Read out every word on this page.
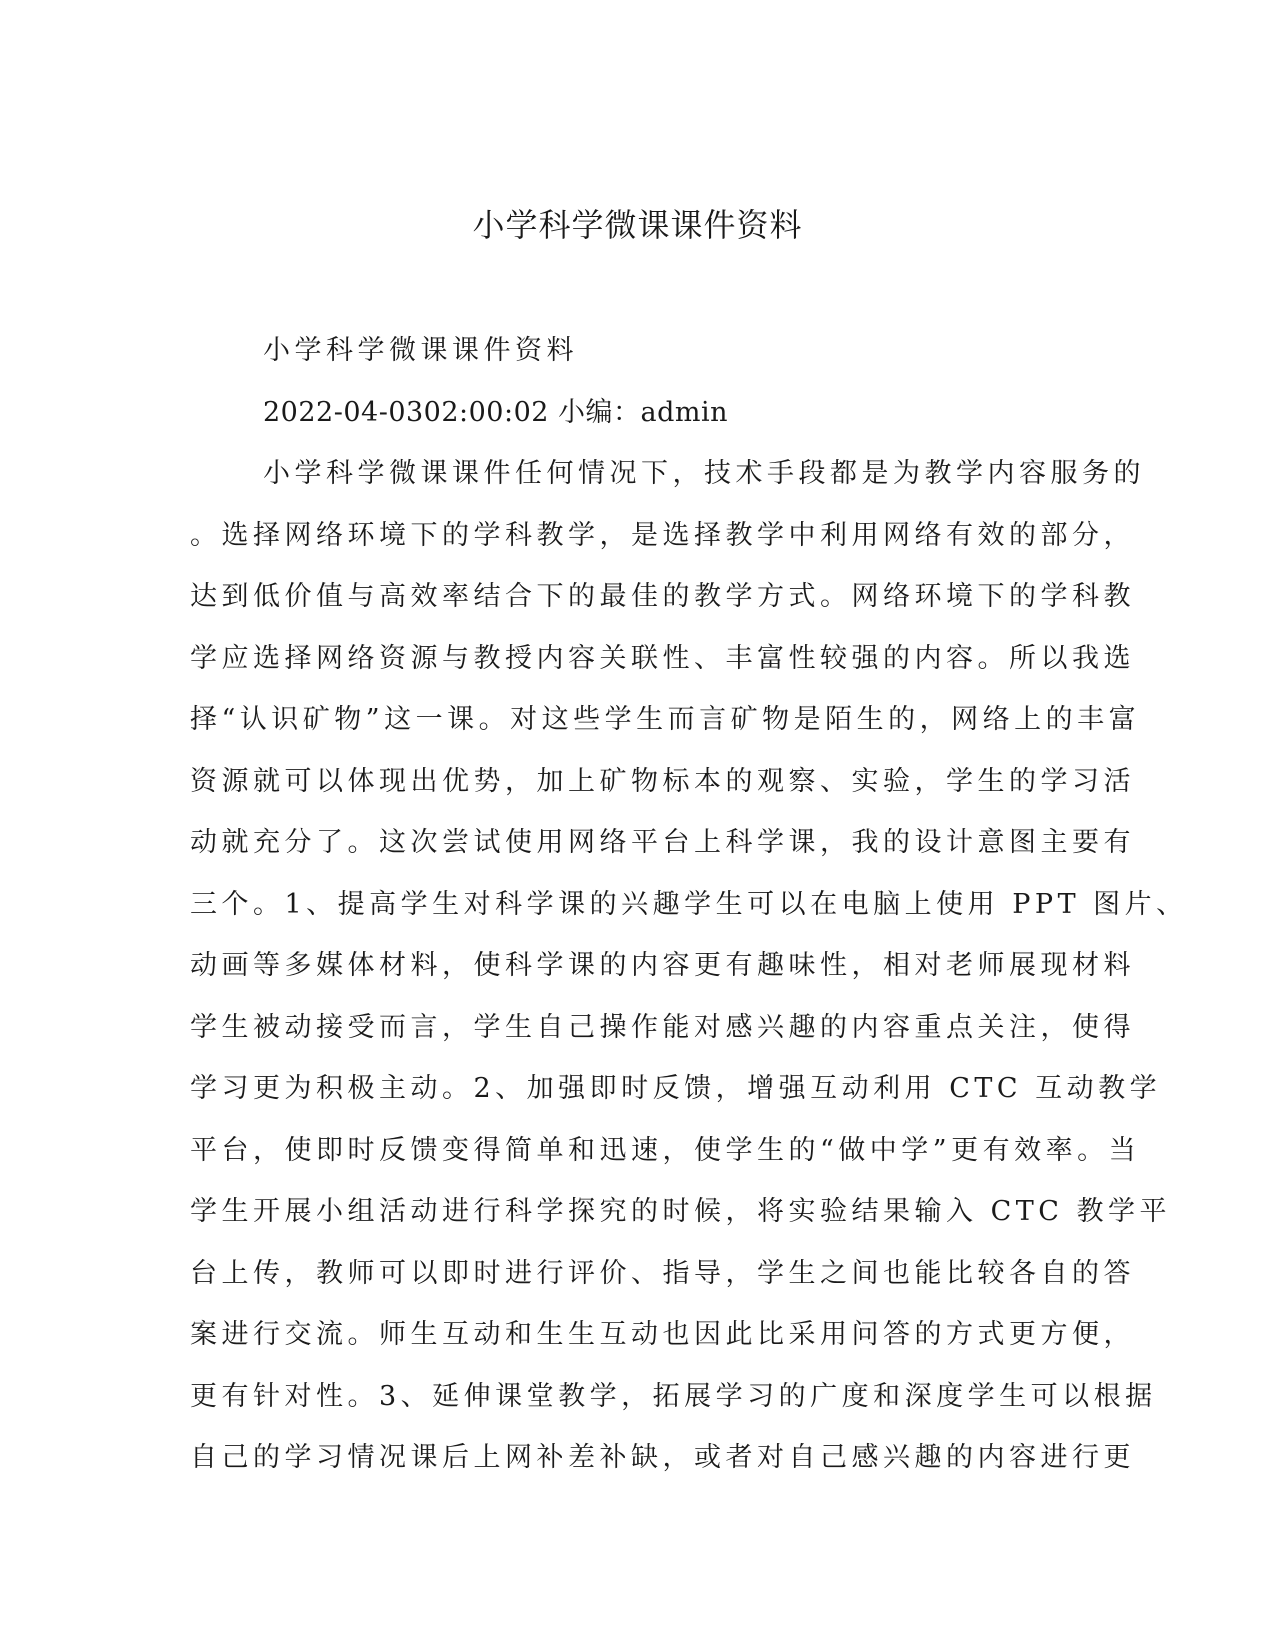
小学科学微课课件资料

小学科学微课课件资料

2022-04-0302:00:02 小编：admin

小学科学微课课件任何情况下，技术手段都是为教学内容服务的

。选择网络环境下的学科教学，是选择教学中利用网络有效的部分，

达到低价值与高效率结合下的最佳的教学方式。网络环境下的学科教

学应选择网络资源与教授内容关联性、丰富性较强的内容。所以我选

择“认识矿物”这一课。对这些学生而言矿物是陌生的，网络上的丰富

资源就可以体现出优势，加上矿物标本的观察、实验，学生的学习活

动就充分了。这次尝试使用网络平台上科学课，我的设计意图主要有

三个。1、提高学生对科学课的兴趣学生可以在电脑上使用 PPT 图片、

动画等多媒体材料，使科学课的内容更有趣味性，相对老师展现材料

学生被动接受而言，学生自己操作能对感兴趣的内容重点关注，使得

学习更为积极主动。2、加强即时反馈，增强互动利用 CTC 互动教学

平台，使即时反馈变得简单和迅速，使学生的“做中学”更有效率。当

学生开展小组活动进行科学探究的时候，将实验结果输入 CTC 教学平

台上传，教师可以即时进行评价、指导，学生之间也能比较各自的答

案进行交流。师生互动和生生互动也因此比采用问答的方式更方便，

更有针对性。3、延伸课堂教学，拓展学习的广度和深度学生可以根据

自己的学习情况课后上网补差补缺，或者对自己感兴趣的内容进行更
